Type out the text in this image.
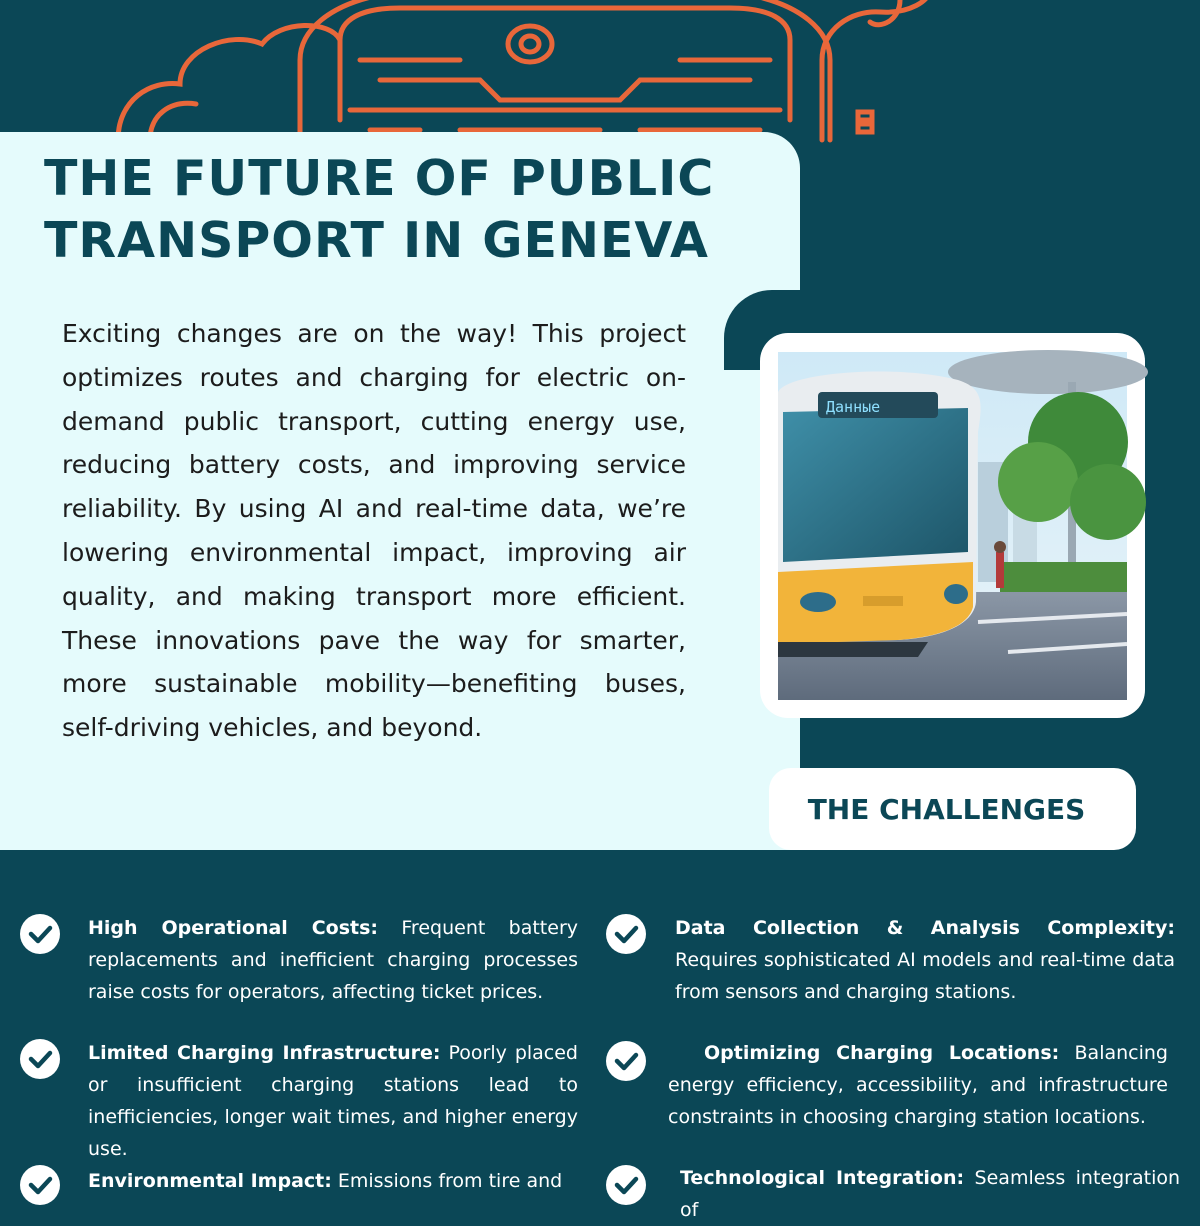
THE FUTURE OF PUBLIC
TRANSPORT IN GENEVA

Exciting changes are on the way! This project optimizes routes and charging for electric on-demand public transport, cutting energy use, reducing battery costs, and improving service reliability. By using AI and real-time data, we’re lowering environmental impact, improving air quality, and making transport more efficient. These innovations pave the way for smarter, more sustainable mobility—benefiting buses, self-driving vehicles, and beyond.

Данные
THE CHALLENGES
High Operational Costs: Frequent battery replacements and inefficient charging processes raise costs for operators, affecting ticket prices.
Data Collection & Analysis Complexity: Requires sophisticated AI models and real-time data from sensors and charging stations.
Limited Charging Infrastructure: Poorly placed or insufficient charging stations lead to inefficiencies, longer wait times, and higher energy use.
Optimizing Charging Locations: Balancing energy efficiency, accessibility, and infrastructure constraints in choosing charging station locations.
Environmental Impact: Emissions from tire and	Technological Integration: Seamless integration of
